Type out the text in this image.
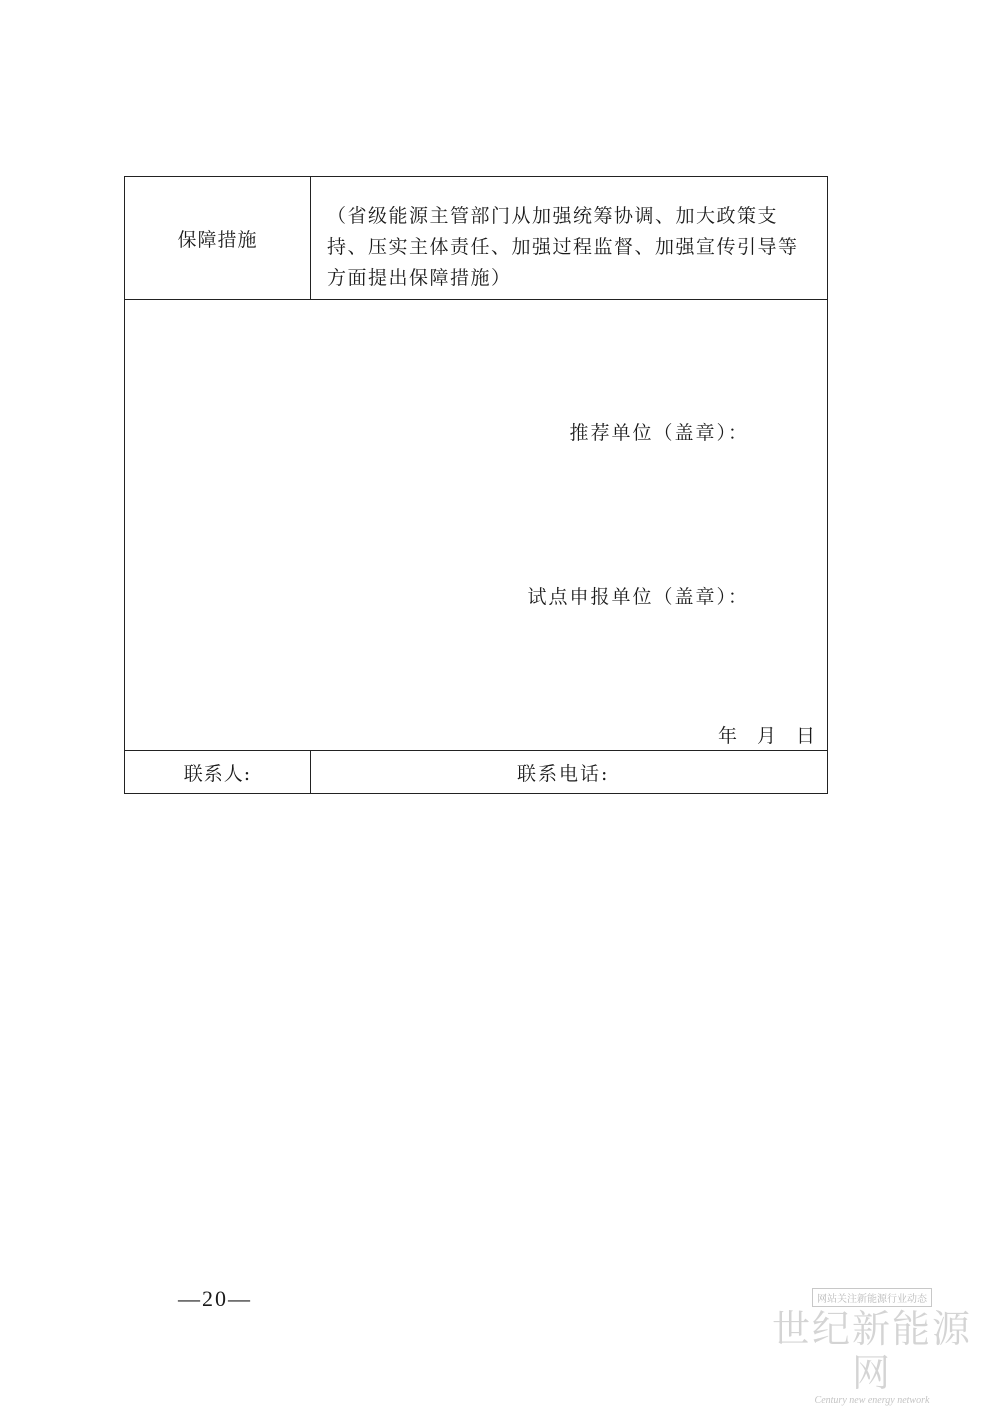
保障措施
（省级能源主管部门从加强统筹协调、加大政策支持、压实主体责任、加强过程监督、加强宣传引导等方面提出保障措施）
推荐单位（盖章）：
试点申报单位（盖章）：
年 月 日
联系人:	联系电话:
—20—	网站关注新能源行业动态
世纪新能源网
Century new energy network
